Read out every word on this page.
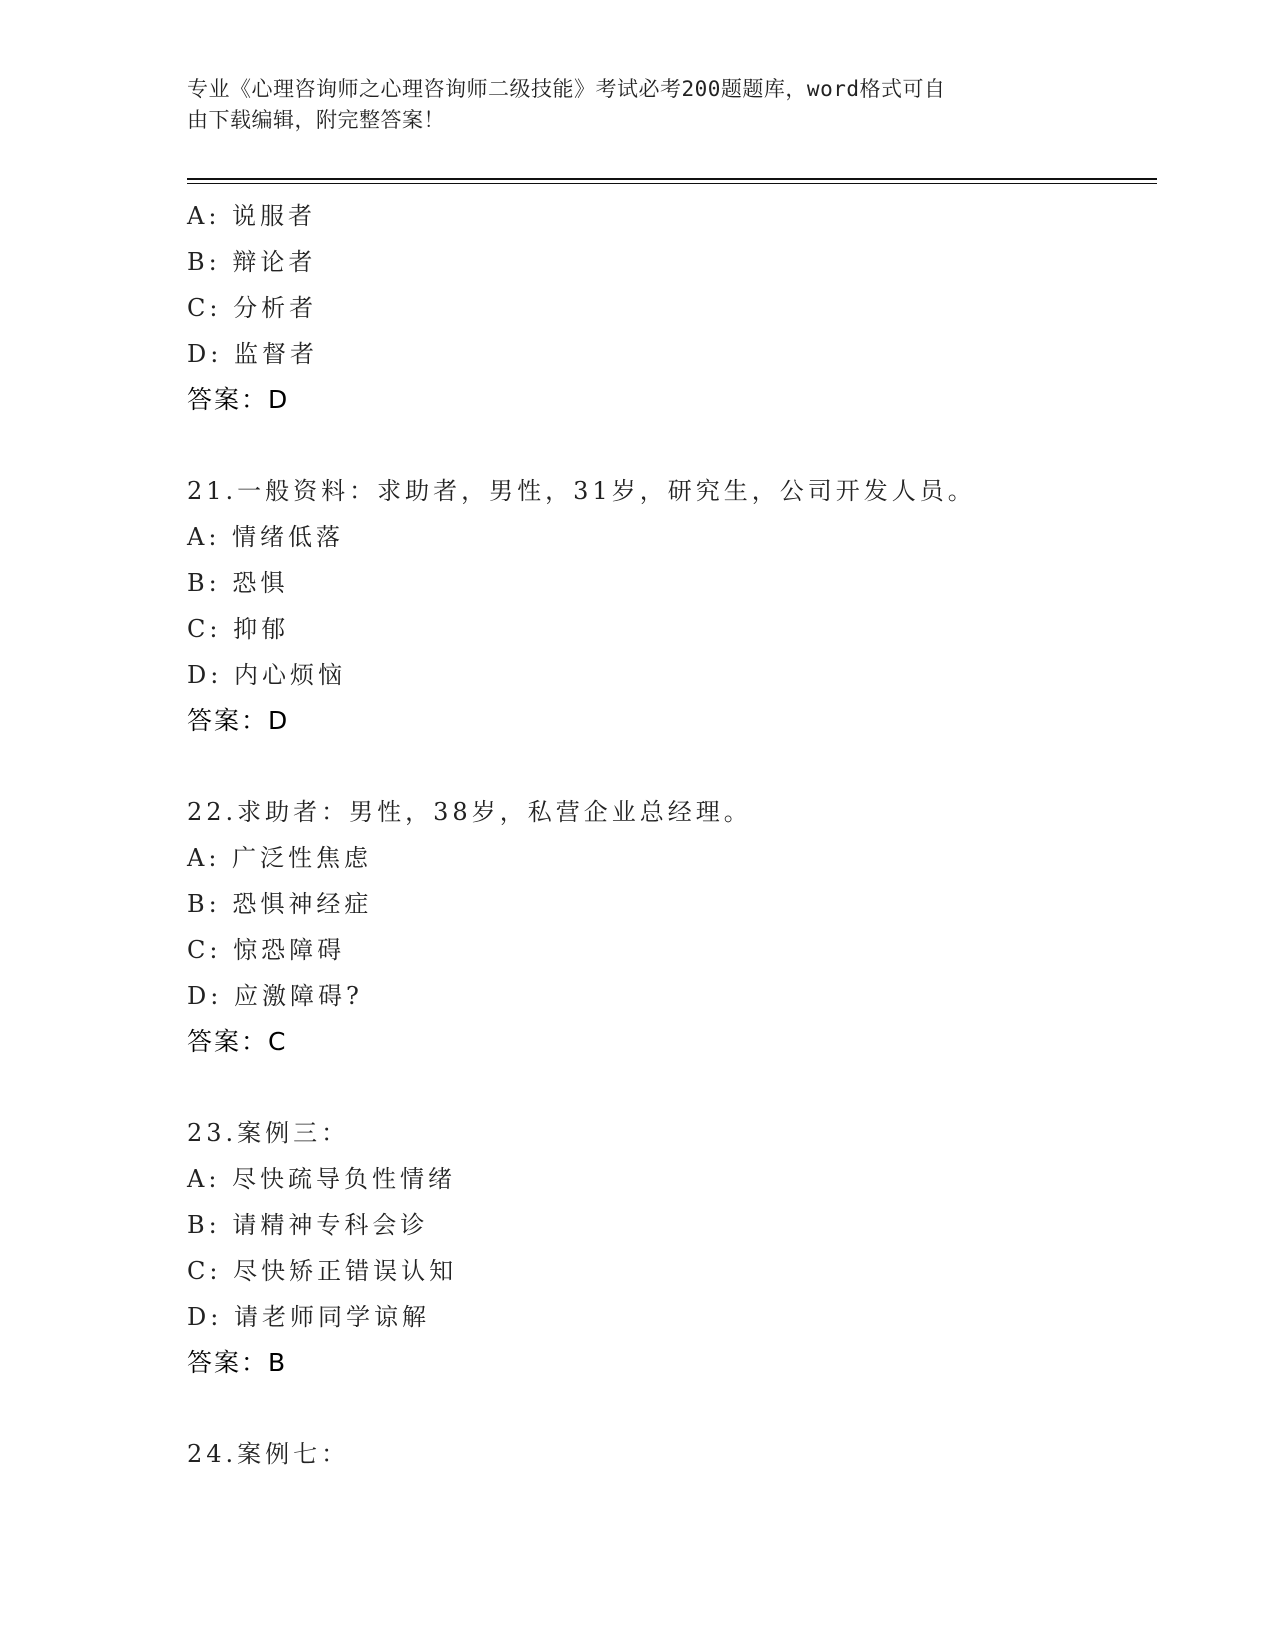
专业《心理咨询师之心理咨询师二级技能》考试必考200题题库，word格式可自
由下载编辑，附完整答案！
A: 说服者
B: 辩论者
C: 分析者
D: 监督者
答案：D
21.一般资料：求助者，男性，31岁，研究生，公司开发人员。
A: 情绪低落
B: 恐惧
C: 抑郁
D: 内心烦恼
答案：D
22.求助者：男性，38岁，私营企业总经理。
A: 广泛性焦虑
B: 恐惧神经症
C: 惊恐障碍
D: 应激障碍?
答案：C
23.案例三：
A: 尽快疏导负性情绪
B: 请精神专科会诊
C: 尽快矫正错误认知
D: 请老师同学谅解
答案：B
24.案例七：
